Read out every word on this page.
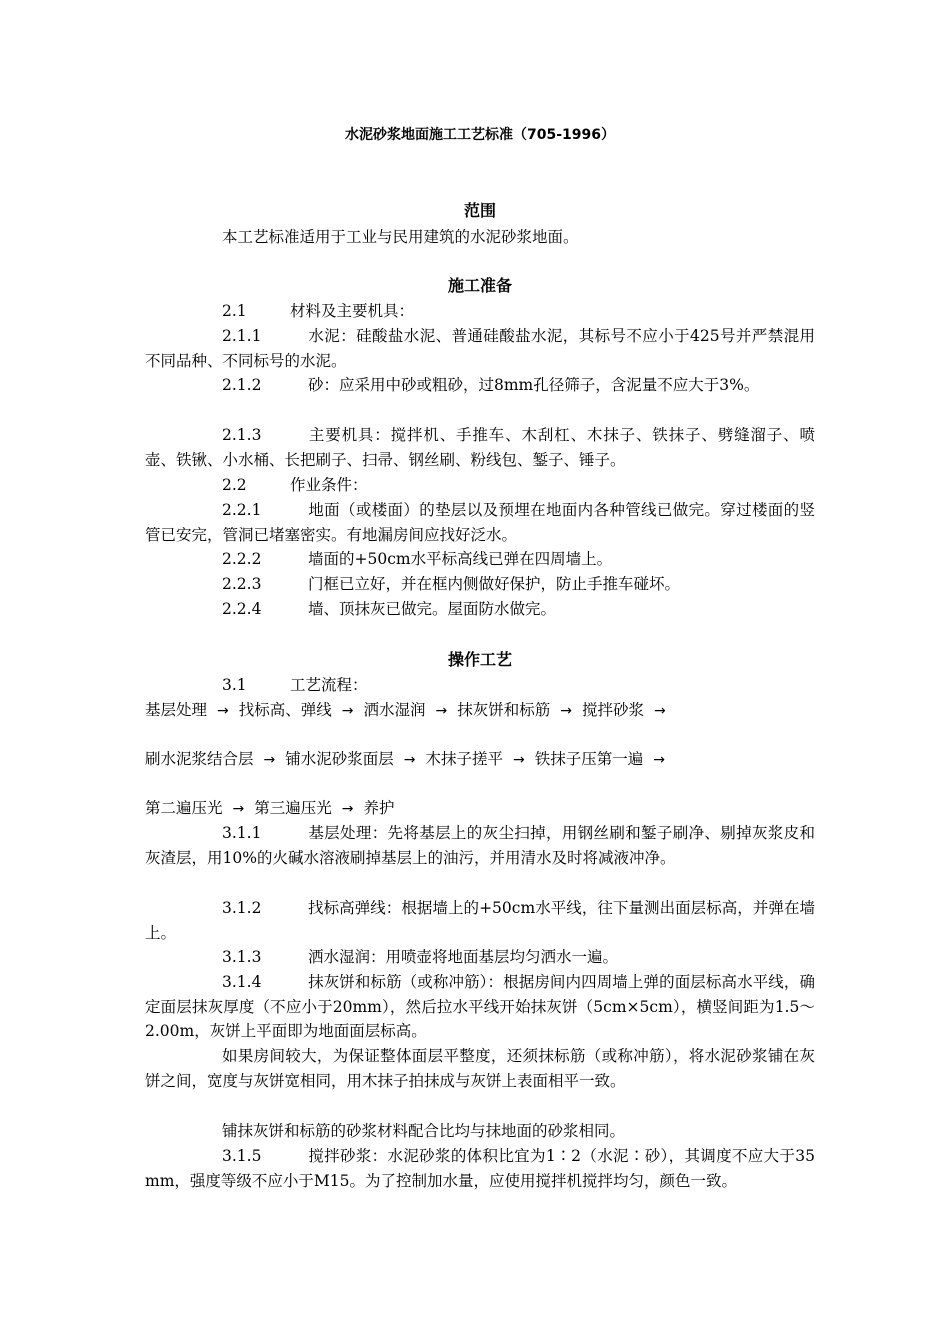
水泥砂浆地面施工工艺标准（705-1996）
范围
本工艺标准适用于工业与民用建筑的水泥砂浆地面。
施工准备
2.1	材料及主要机具：
2.1.1	水泥：硅酸盐水泥、普通硅酸盐水泥，其标号不应小于425号并严禁混用不同品种、不同标号的水泥。
2.1.2	砂：应采用中砂或粗砂，过8mm孔径筛子，含泥量不应大于3%。
2.1.3	主要机具：搅拌机、手推车、木刮杠、木抹子、铁抹子、劈缝溜子、喷壶、铁锹、小水桶、长把刷子、扫帚、钢丝刷、粉线包、錾子、锤子。
2.2	作业条件：
2.2.1	地面（或楼面）的垫层以及预埋在地面内各种管线已做完。穿过楼面的竖管已安完，管洞已堵塞密实。有地漏房间应找好泛水。
2.2.2	墙面的+50cm水平标高线已弹在四周墙上。
2.2.3	门框已立好，并在框内侧做好保护，防止手推车碰坏。
2.2.4	墙、顶抹灰已做完。屋面防水做完。
操作工艺
3.1	工艺流程：
基层处理 → 找标高、弹线 → 洒水湿润 → 抹灰饼和标筋 → 搅拌砂浆 →
刷水泥浆结合层 → 铺水泥砂浆面层 → 木抹子搓平 → 铁抹子压第一遍 →
第二遍压光 → 第三遍压光 → 养护
3.1.1	基层处理：先将基层上的灰尘扫掉，用钢丝刷和錾子刷净、剔掉灰浆皮和灰渣层，用10%的火碱水溶液刷掉基层上的油污，并用清水及时将减液冲净。
3.1.2	找标高弹线：根据墙上的+50cm水平线，往下量测出面层标高，并弹在墙上。
3.1.3	洒水湿润：用喷壶将地面基层均匀洒水一遍。
3.1.4	抹灰饼和标筋（或称冲筋）：根据房间内四周墙上弹的面层标高水平线，确定面层抹灰厚度（不应小于20mm），然后拉水平线开始抹灰饼（5cm×5cm），横竖间距为1.5～2.00m，灰饼上平面即为地面面层标高。
如果房间较大，为保证整体面层平整度，还须抹标筋（或称冲筋），将水泥砂浆铺在灰饼之间，宽度与灰饼宽相同，用木抹子拍抹成与灰饼上表面相平一致。
铺抹灰饼和标筋的砂浆材料配合比均与抹地面的砂浆相同。
3.1.5	搅拌砂浆：水泥砂浆的体积比宜为1∶2（水泥∶砂），其调度不应大于35mm，强度等级不应小于M15。为了控制加水量，应使用搅拌机搅拌均匀，颜色一致。
